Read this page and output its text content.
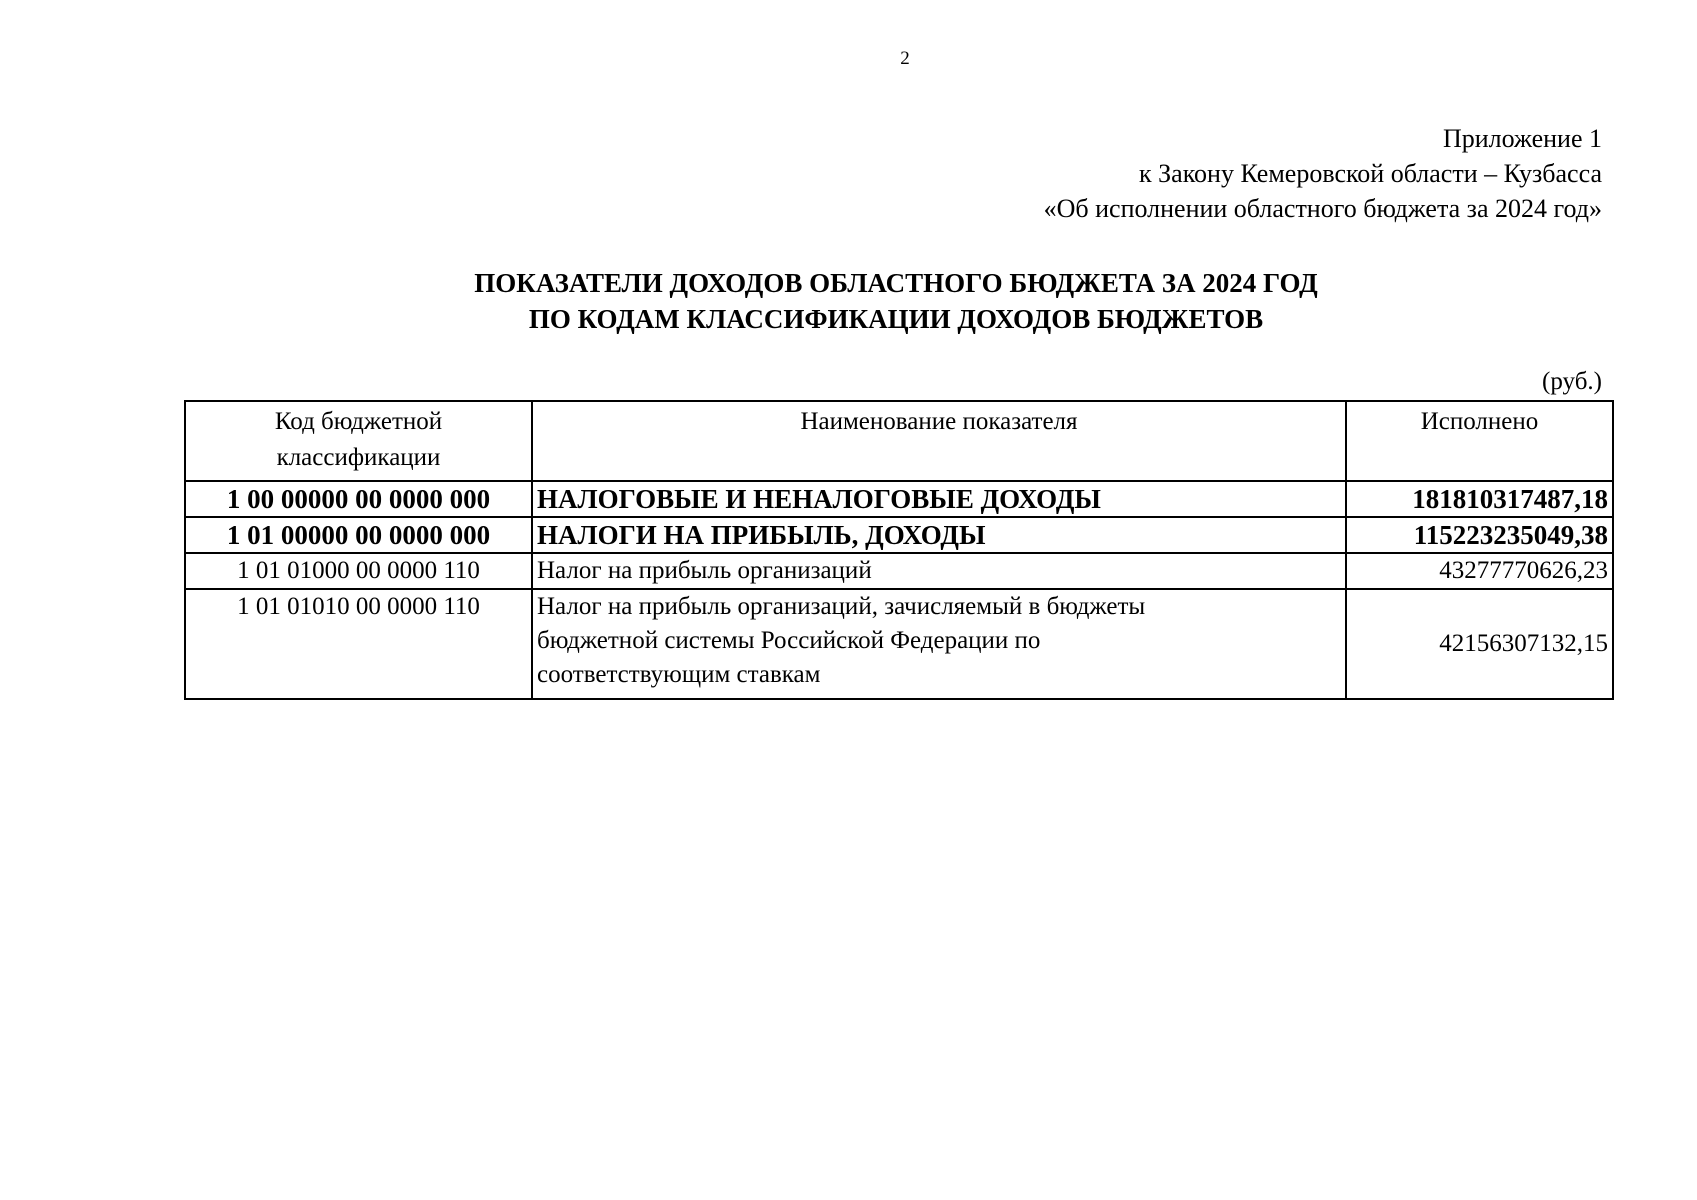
2
Приложение 1
к Закону Кемеровской области – Кузбасса
«Об исполнении областного бюджета за 2024 год»
ПОКАЗАТЕЛИ ДОХОДОВ ОБЛАСТНОГО БЮДЖЕТА ЗА 2024 ГОД
ПО КОДАМ КЛАССИФИКАЦИИ ДОХОДОВ БЮДЖЕТОВ
(руб.)
Код бюджетной
классификации	Наименование показателя	Исполнено
1 00 00000 00 0000 000	НАЛОГОВЫЕ И НЕНАЛОГОВЫЕ ДОХОДЫ	181810317487,18
1 01 00000 00 0000 000	НАЛОГИ НА ПРИБЫЛЬ, ДОХОДЫ	115223235049,38
1 01 01000 00 0000 110	Налог на прибыль организаций	43277770626,23
1 01 01010 00 0000 110	Налог на прибыль организаций, зачисляемый в бюджеты
бюджетной системы Российской Федерации по
соответствующим ставкам	42156307132,15
